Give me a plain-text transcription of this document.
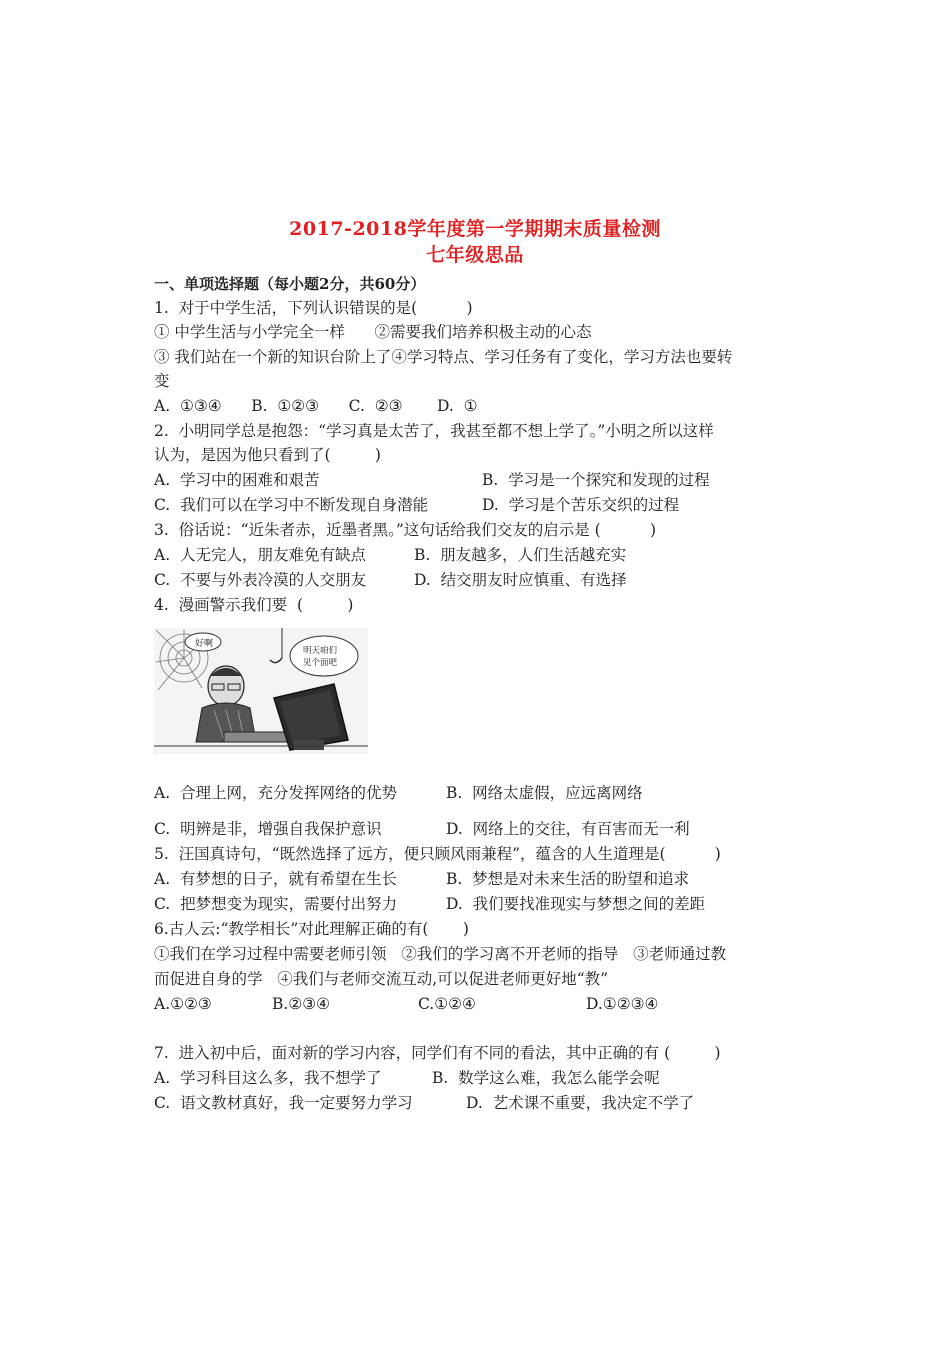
2017-2018学年度第一学期期末质量检测
七年级思品
一、单项选择题（每小题2分，共60分）
1.  对于中学生活，下列认识错误的是(          )
① 中学生活与小学完全一样      ②需要我们培养积极主动的心态
③ 我们站在一个新的知识台阶上了④学习特点、学习任务有了变化，学习方法也要转
变
A.  ①③④      B.  ①②③      C.  ②③       D.  ①
2.  小明同学总是抱怨：“学习真是太苦了，我甚至都不想上学了。”小明之所以这样
认为，是因为他只看到了(         )
A.  学习中的困难和艰苦	B.  学习是一个探究和发现的过程
C.  我们可以在学习中不断发现自身潜能	D.  学习是个苦乐交织的过程
3.  俗话说：“近朱者赤，近墨者黑。”这句话给我们交友的启示是 (          )
A.  人无完人，朋友难免有缺点	B.  朋友越多，人们生活越充实
C.  不要与外表冷漠的人交朋友	D.  结交朋友时应慎重、有选择
4.  漫画警示我们要  (         )
好啊
明天咱们
见个面吧
A.  合理上网，充分发挥网络的优势	B.  网络太虚假，应远离网络
C.  明辨是非，增强自我保护意识	D.  网络上的交往，有百害而无一利
5.  汪国真诗句，“既然选择了远方，便只顾风雨兼程”，蕴含的人生道理是(          )
A.  有梦想的日子，就有希望在生长	B.  梦想是对未来生活的盼望和追求
C.  把梦想变为现实，需要付出努力	D.  我们要找准现实与梦想之间的差距
6.古人云:“教学相长”对此理解正确的有(       )
①我们在学习过程中需要老师引领   ②我们的学习离不开老师的指导   ③老师通过教
而促进自身的学   ④我们与老师交流互动,可以促进老师更好地“教”
A.①②③	B.②③④	C.①②④	D.①②③④
7.  进入初中后，面对新的学习内容，同学们有不同的看法，其中正确的有 (         )
A.  学习科目这么多，我不想学了	B.  数学这么难，我怎么能学会呢
C.  语文教材真好，我一定要努力学习	D.  艺术课不重要，我决定不学了
